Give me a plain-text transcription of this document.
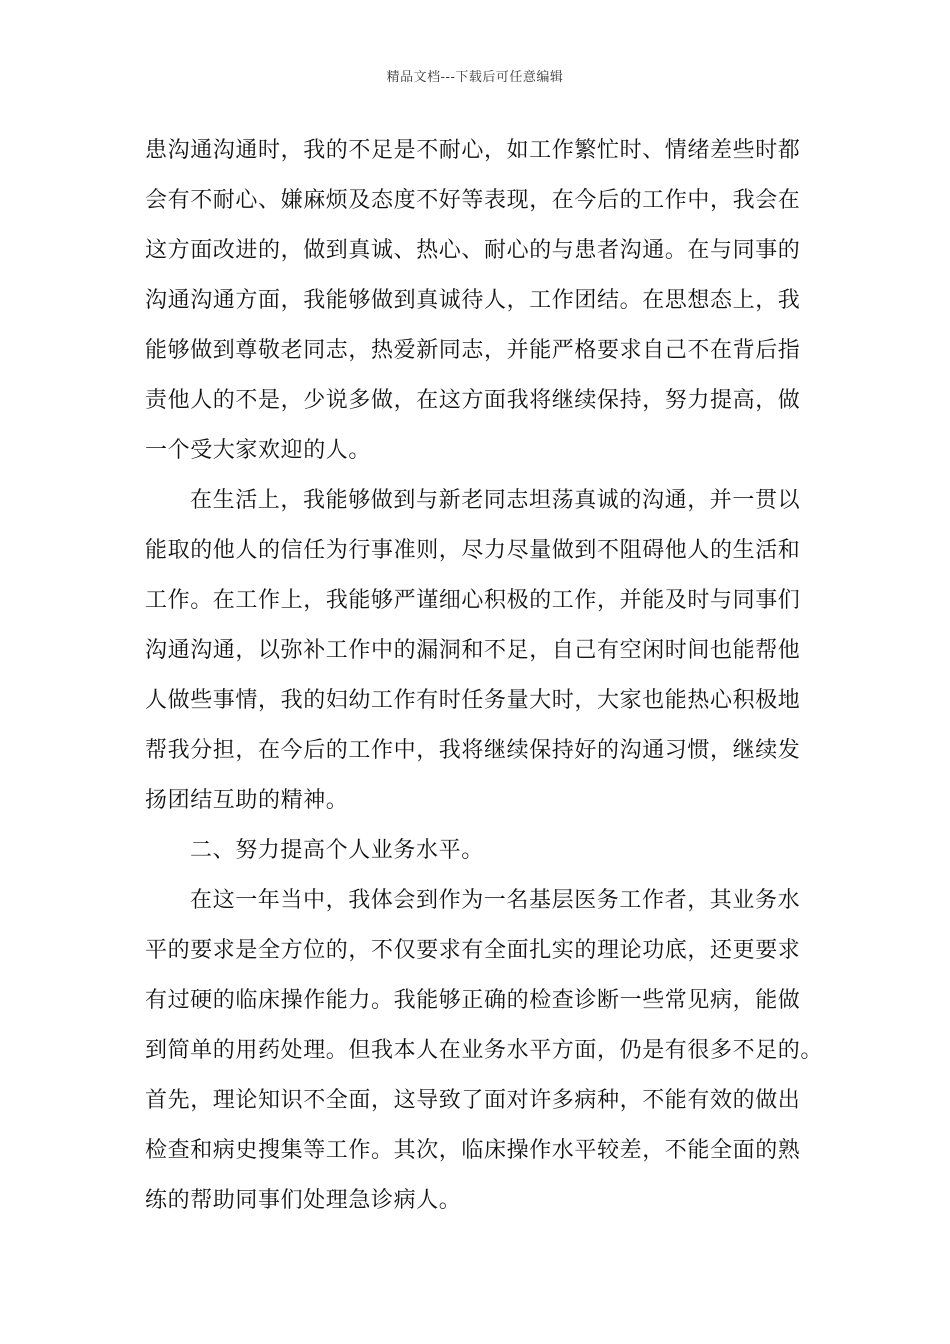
精品文档---下载后可任意编辑
患沟通沟通时，我的不足是不耐心，如工作繁忙时、情绪差些时都
会有不耐心、嫌麻烦及态度不好等表现，在今后的工作中，我会在
这方面改进的，做到真诚、热心、耐心的与患者沟通。在与同事的
沟通沟通方面，我能够做到真诚待人，工作团结。在思想态上，我
能够做到尊敬老同志，热爱新同志，并能严格要求自己不在背后指
责他人的不是，少说多做，在这方面我将继续保持，努力提高，做
一个受大家欢迎的人。
在生活上，我能够做到与新老同志坦荡真诚的沟通，并一贯以
能取的他人的信任为行事准则，尽力尽量做到不阻碍他人的生活和
工作。在工作上，我能够严谨细心积极的工作，并能及时与同事们
沟通沟通，以弥补工作中的漏洞和不足，自己有空闲时间也能帮他
人做些事情，我的妇幼工作有时任务量大时，大家也能热心积极地
帮我分担，在今后的工作中，我将继续保持好的沟通习惯，继续发
扬团结互助的精神。
二、努力提高个人业务水平。
在这一年当中，我体会到作为一名基层医务工作者，其业务水
平的要求是全方位的，不仅要求有全面扎实的理论功底，还更要求
有过硬的临床操作能力。我能够正确的检查诊断一些常见病，能做
到简单的用药处理。但我本人在业务水平方面，仍是有很多不足的。
首先，理论知识不全面，这导致了面对许多病种，不能有效的做出
检查和病史搜集等工作。其次，临床操作水平较差，不能全面的熟
练的帮助同事们处理急诊病人。
